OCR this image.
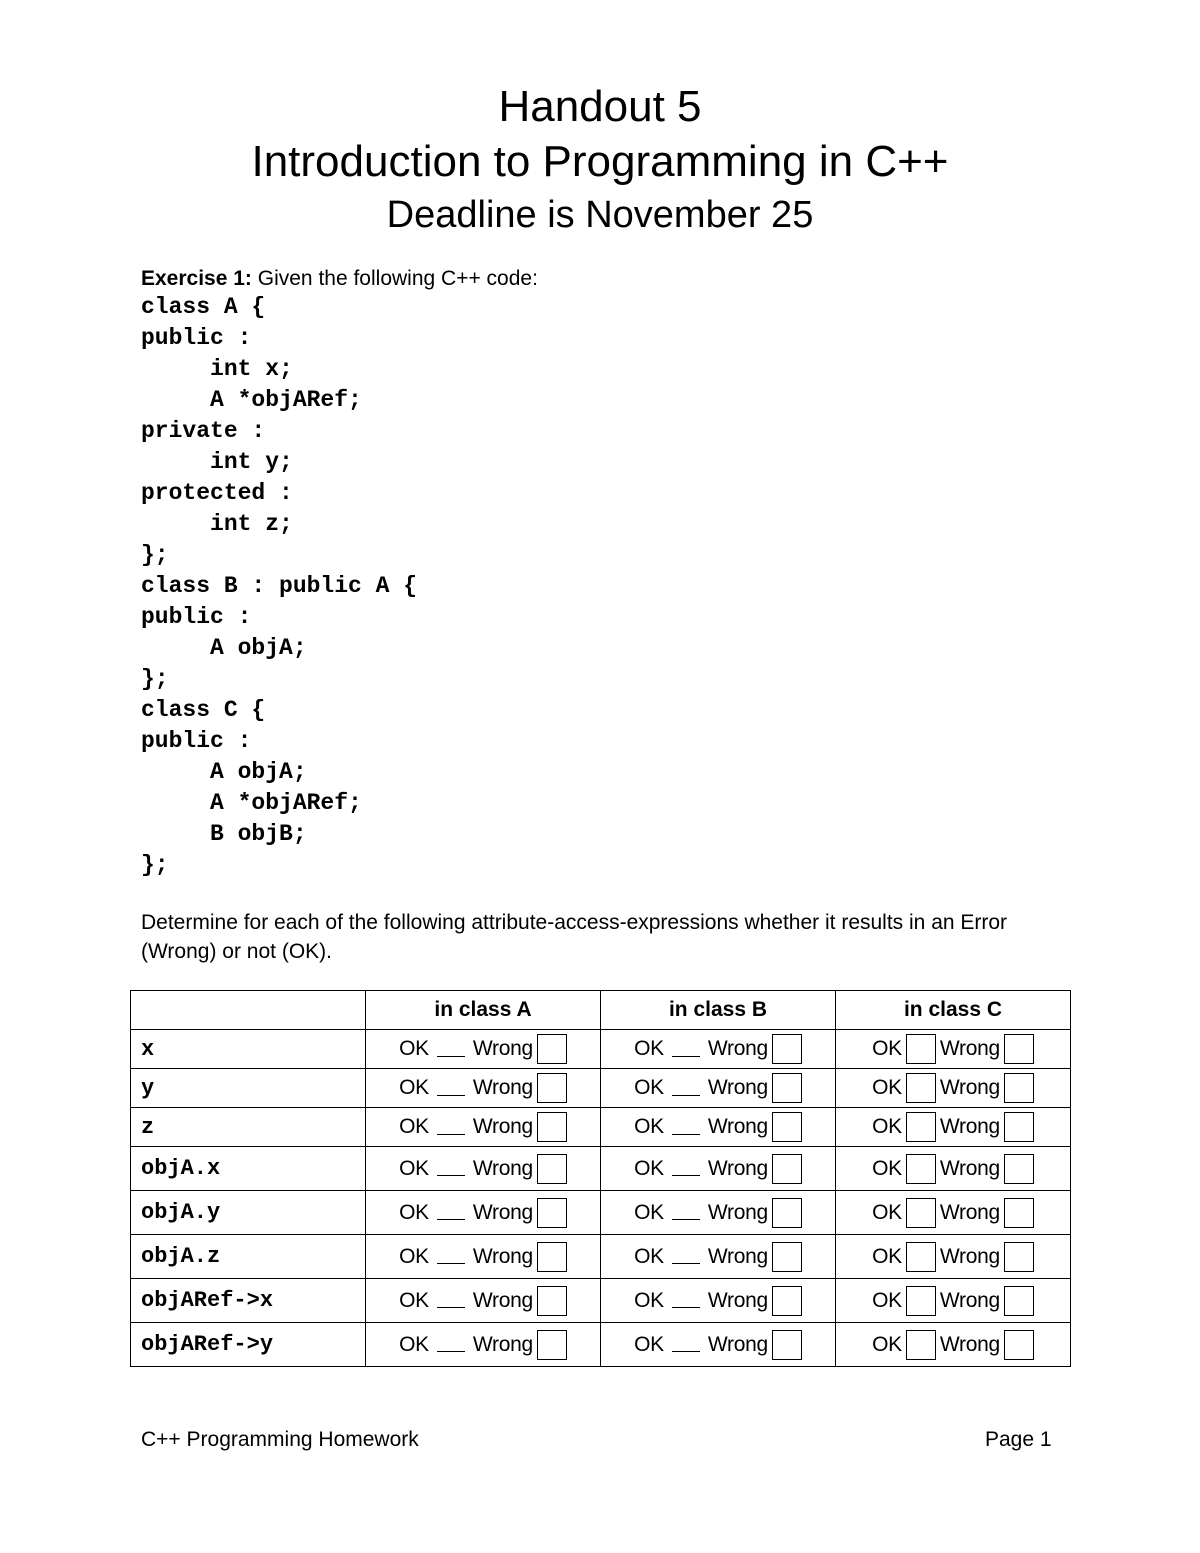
Handout 5
Introduction to Programming in C++
Deadline is November 25
Exercise 1: Given the following C++ code:
class A {
public :
int x;
A *objARef;
private :
int y;
protected :
int z;
};
class B : public A {
public :
A objA;
};
class C {
public :
A objA;
A *objARef;
B objB;
};
Determine for each of the following attribute-access-expressions whether it results in an Error (Wrong) or not (OK).
	in class A	in class B	in class C
x	OK Wrong	OK Wrong	OK Wrong

y	OK Wrong	OK Wrong	OK Wrong

z	OK Wrong	OK Wrong	OK Wrong

objA.x	OK Wrong	OK Wrong	OK Wrong

objA.y	OK Wrong	OK Wrong	OK Wrong

objA.z	OK Wrong	OK Wrong	OK Wrong

objARef->x	OK Wrong	OK Wrong	OK Wrong

objARef->y	OK Wrong	OK Wrong	OK Wrong
C++ Programming Homework	Page 1
